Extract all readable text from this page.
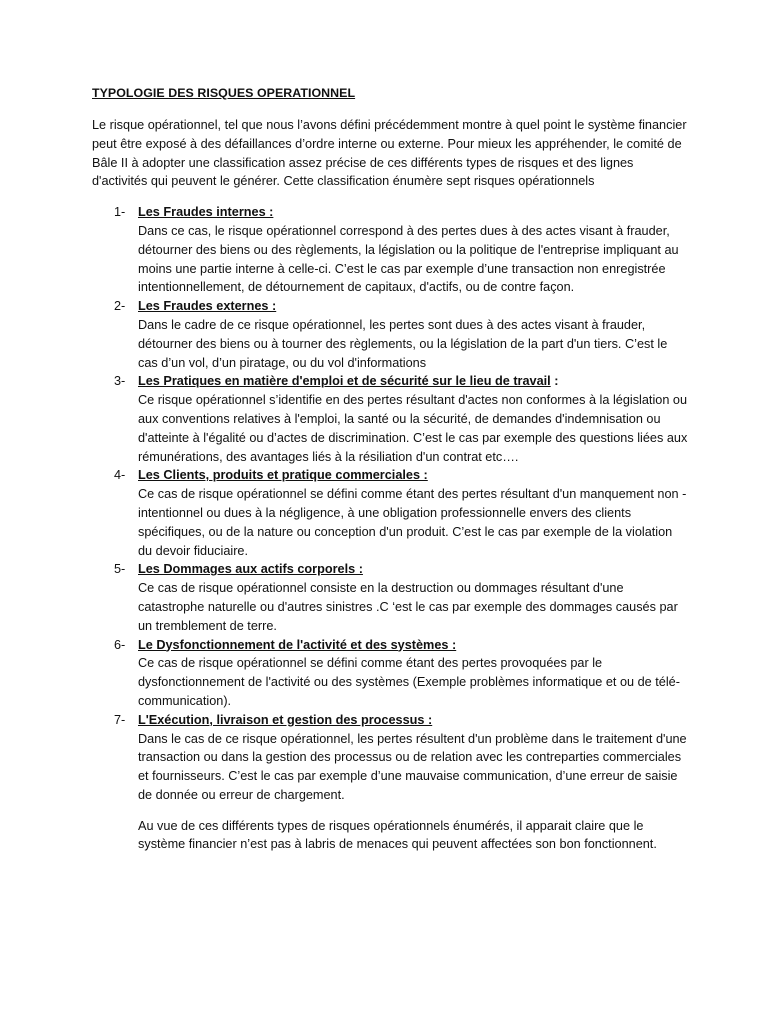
TYPOLOGIE DES RISQUES OPERATIONNEL

Le risque opérationnel, tel que nous l’avons défini précédemment montre à quel point le système financier peut être exposé à des défaillances d’ordre interne ou externe. Pour mieux les appréhender, le comité de Bâle II à adopter une classification assez précise de ces différents types de risques et des lignes d'activités qui peuvent le générer. Cette classification énumère sept risques opérationnels

1- Les Fraudes internes :

Dans ce cas, le risque opérationnel correspond à des pertes dues à des actes visant à frauder, détourner des biens ou des règlements, la législation ou la politique de l'entreprise impliquant au moins une partie interne à celle-ci. C’est le cas par exemple d’une transaction non enregistrée intentionnellement, de détournement de capitaux, d'actifs, ou de contre façon.

2- Les Fraudes externes :

Dans le cadre de ce risque opérationnel, les pertes sont dues à des actes visant à frauder, détourner des biens ou à tourner des règlements, ou la législation de la part d'un tiers. C’est le cas d’un vol, d’un piratage, ou du vol d'informations

3- Les Pratiques en matière d'emploi et de sécurité sur le lieu de travail :

Ce risque opérationnel s’identifie en des pertes résultant d'actes non conformes à la législation ou aux conventions relatives à l'emploi, la santé ou la sécurité, de demandes d'indemnisation ou d'atteinte à l'égalité ou d’actes de discrimination. C’est le cas par exemple des questions liées aux rémunérations, des avantages liés à la résiliation d'un contrat etc….

4- Les Clients, produits et pratique commerciales :

Ce cas de risque opérationnel se défini comme étant des pertes résultant d'un manquement non - intentionnel ou dues à la négligence, à une obligation professionnelle envers des clients spécifiques, ou de la nature ou conception d'un produit. C’est le cas par exemple de la violation du devoir fiduciaire.

5- Les Dommages aux actifs corporels :

Ce cas de risque opérationnel consiste en la destruction ou dommages résultant d'une catastrophe naturelle ou d'autres sinistres .C ‘est le cas par exemple des dommages causés par un tremblement de terre.

6- Le Dysfonctionnement de l'activité et des systèmes :

Ce cas de risque opérationnel se défini comme étant des pertes provoquées par le dysfonctionnement de l'activité ou des systèmes (Exemple problèmes informatique et ou de télé- communication).

7- L'Exécution, livraison et gestion des processus :

Dans le cas de ce risque opérationnel, les pertes résultent d'un problème dans le traitement d'une transaction ou dans la gestion des processus ou de relation avec les contreparties commerciales et fournisseurs. C’est le cas par exemple d’une mauvaise communication, d’une erreur de saisie de donnée ou erreur de chargement.

Au vue de ces différents types de risques opérationnels énumérés, il apparait claire que le système financier n’est pas à labris de menaces qui peuvent affectées son bon fonctionnent.
